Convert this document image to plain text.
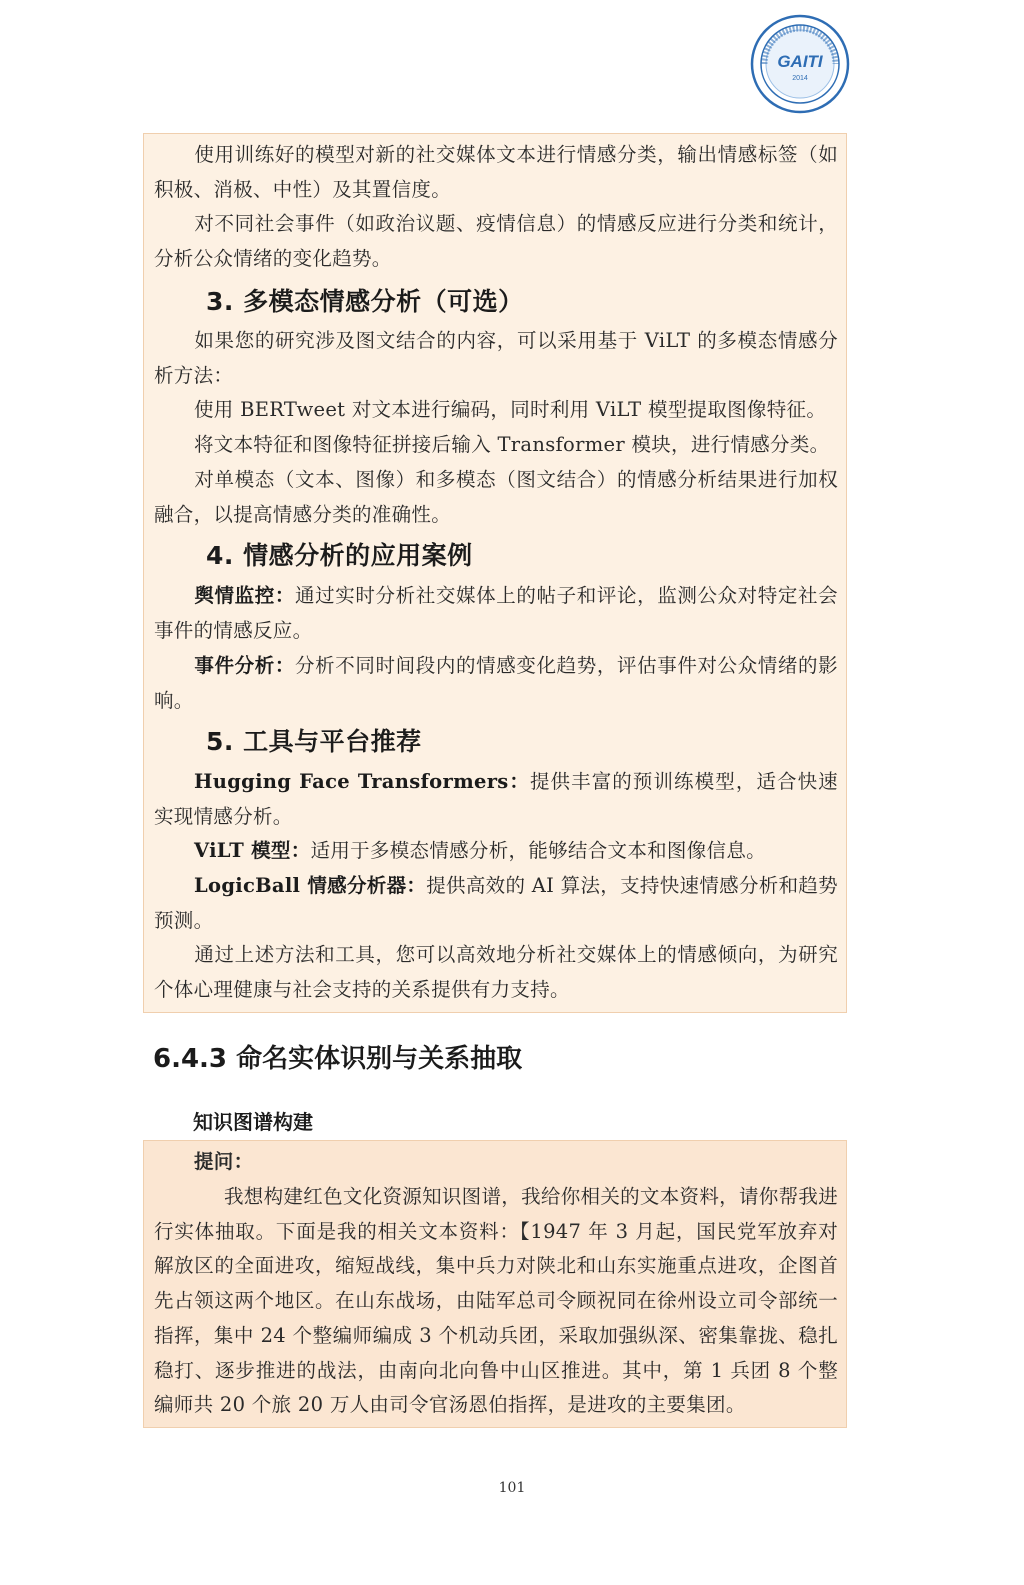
GAITI
2014
使用训练好的模型对新的社交媒体文本进行情感分类，输出情感标签（如积极、消极、中性）及其置信度。
对不同社会事件（如政治议题、疫情信息）的情感反应进行分类和统计，分析公众情绪的变化趋势。
3. 多模态情感分析（可选）
如果您的研究涉及图文结合的内容，可以采用基于 ViLT 的多模态情感分析方法：
使用 BERTweet 对文本进行编码，同时利用 ViLT 模型提取图像特征。
将文本特征和图像特征拼接后输入 Transformer 模块，进行情感分类。
对单模态（文本、图像）和多模态（图文结合）的情感分析结果进行加权融合，以提高情感分类的准确性。
4. 情感分析的应用案例
舆情监控：通过实时分析社交媒体上的帖子和评论，监测公众对特定社会事件的情感反应。
事件分析：分析不同时间段内的情感变化趋势，评估事件对公众情绪的影响。
5. 工具与平台推荐
Hugging Face Transformers：提供丰富的预训练模型，适合快速实现情感分析。
ViLT 模型：适用于多模态情感分析，能够结合文本和图像信息。
LogicBall 情感分析器：提供高效的 AI 算法，支持快速情感分析和趋势预测。
通过上述方法和工具，您可以高效地分析社交媒体上的情感倾向，为研究个体心理健康与社会支持的关系提供有力支持。
6.4.3 命名实体识别与关系抽取
知识图谱构建
提问：
我想构建红色文化资源知识图谱，我给你相关的文本资料，请你帮我进行实体抽取。下面是我的相关文本资料：【1947 年 3 月起，国民党军放弃对解放区的全面进攻，缩短战线，集中兵力对陕北和山东实施重点进攻，企图首先占领这两个地区。在山东战场，由陆军总司令顾祝同在徐州设立司令部统一指挥，集中 24 个整编师编成 3 个机动兵团，采取加强纵深、密集靠拢、稳扎稳打、逐步推进的战法，由南向北向鲁中山区推进。其中，第 1 兵团 8 个整编师共 20 个旅 20 万人由司令官汤恩伯指挥，是进攻的主要集团。
101
